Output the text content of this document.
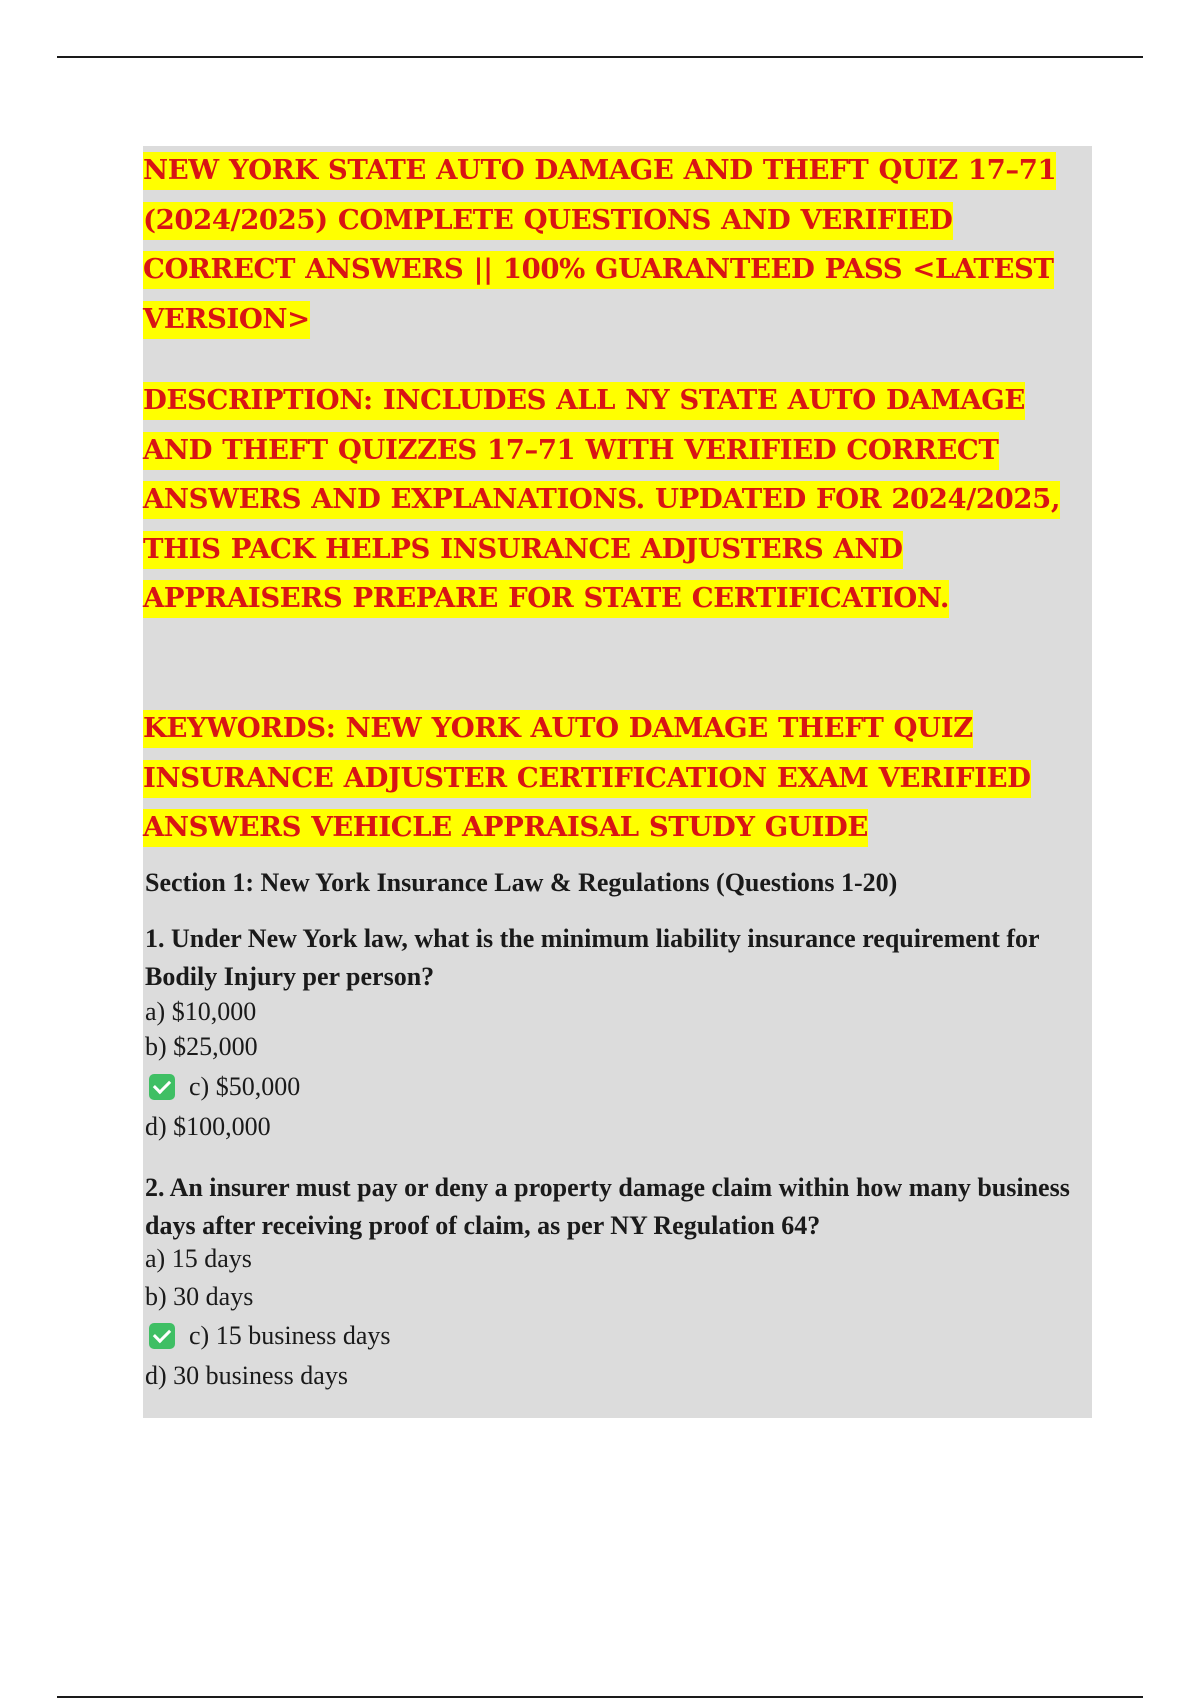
NEW YORK STATE AUTO DAMAGE AND THEFT QUIZ 17–71 (2024/2025) COMPLETE QUESTIONS AND VERIFIED CORRECT ANSWERS || 100% GUARANTEED PASS <LATEST VERSION>
DESCRIPTION: INCLUDES ALL NY STATE AUTO DAMAGE AND THEFT QUIZZES 17–71 WITH VERIFIED CORRECT ANSWERS AND EXPLANATIONS. UPDATED FOR 2024/2025, THIS PACK HELPS INSURANCE ADJUSTERS AND APPRAISERS PREPARE FOR STATE CERTIFICATION.
KEYWORDS: NEW YORK AUTO DAMAGE THEFT QUIZ INSURANCE ADJUSTER CERTIFICATION EXAM VERIFIED ANSWERS VEHICLE APPRAISAL STUDY GUIDE
Section 1: New York Insurance Law & Regulations (Questions 1-20)
1. Under New York law, what is the minimum liability insurance requirement for Bodily Injury per person?
a) $10,000
b) $25,000
c) $50,000
d) $100,000
2. An insurer must pay or deny a property damage claim within how many business days after receiving proof of claim, as per NY Regulation 64?
a) 15 days
b) 30 days
c) 15 business days
d) 30 business days
